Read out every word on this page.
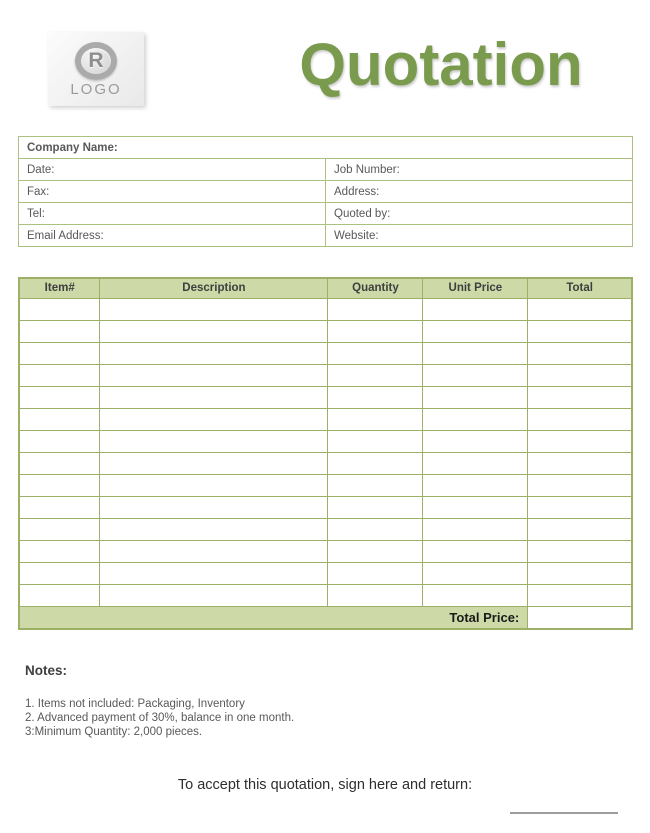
R
LOGO	Quotation
Company Name:	
Date:	Job Number:
Fax:	Address:
Tel:	Quoted by:
Email Address:	Website:
Item#	Description	Quantity	Unit Price	Total

Total Price:				
Notes:
1. Items not included: Packaging, Inventory
2. Advanced payment of 30%, balance in one month.
3:Minimum Quantity: 2,000 pieces.
To accept this quotation, sign here and return:
